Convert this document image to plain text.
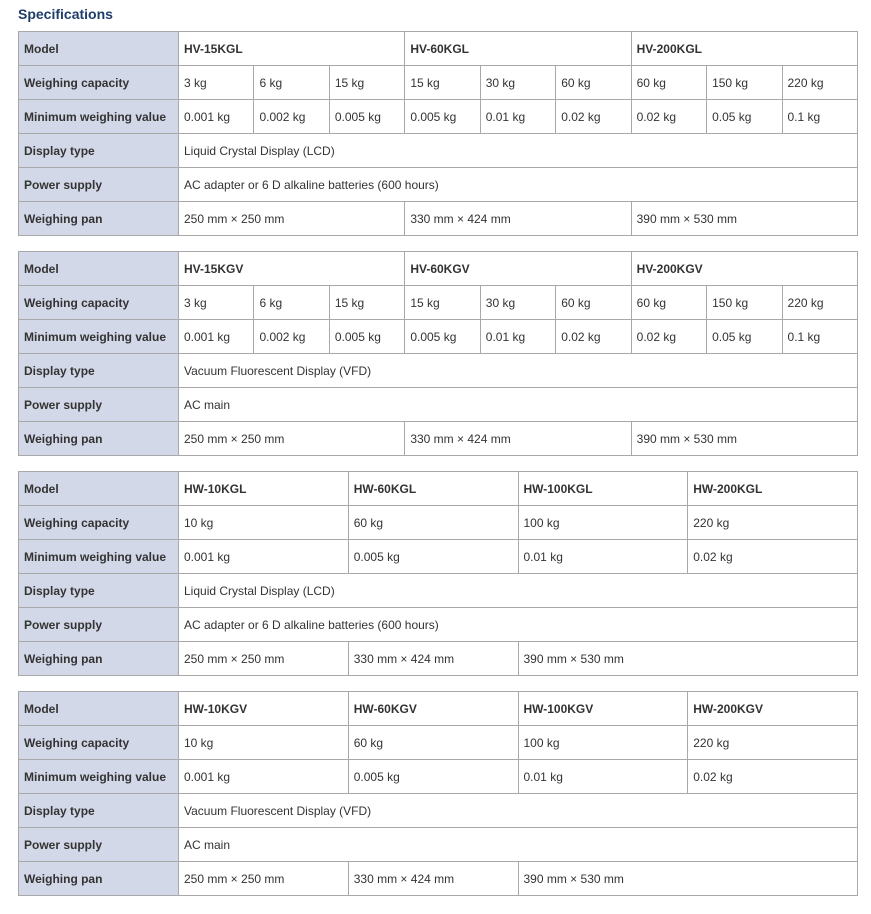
Specifications
Model	HV-15KGL			HV-60KGL			HV-200KGL		
Weighing capacity	3 kg	6 kg	15 kg	15 kg	30 kg	60 kg	60 kg	150 kg	220 kg
Minimum weighing value	0.001 kg	0.002 kg	0.005 kg	0.005 kg	0.01 kg	0.02 kg	0.02 kg	0.05 kg	0.1 kg
Display type	Liquid Crystal Display (LCD)								
Power supply	AC adapter or 6 D alkaline batteries (600 hours)								
Weighing pan	250 mm × 250 mm			330 mm × 424 mm			390 mm × 530 mm		
Model	HV-15KGV			HV-60KGV			HV-200KGV		
Weighing capacity	3 kg	6 kg	15 kg	15 kg	30 kg	60 kg	60 kg	150 kg	220 kg
Minimum weighing value	0.001 kg	0.002 kg	0.005 kg	0.005 kg	0.01 kg	0.02 kg	0.02 kg	0.05 kg	0.1 kg
Display type	Vacuum Fluorescent Display (VFD)								
Power supply	AC main								
Weighing pan	250 mm × 250 mm			330 mm × 424 mm			390 mm × 530 mm		
Model	HW-10KGL	HW-60KGL	HW-100KGL	HW-200KGL
Weighing capacity	10 kg	60 kg	100 kg	220 kg
Minimum weighing value	0.001 kg	0.005 kg	0.01 kg	0.02 kg
Display type	Liquid Crystal Display (LCD)			
Power supply	AC adapter or 6 D alkaline batteries (600 hours)			
Weighing pan	250 mm × 250 mm	330 mm × 424 mm	390 mm × 530 mm	
Model	HW-10KGV	HW-60KGV	HW-100KGV	HW-200KGV
Weighing capacity	10 kg	60 kg	100 kg	220 kg
Minimum weighing value	0.001 kg	0.005 kg	0.01 kg	0.02 kg
Display type	Vacuum Fluorescent Display (VFD)			
Power supply	AC main			
Weighing pan	250 mm × 250 mm	330 mm × 424 mm	390 mm × 530 mm	
